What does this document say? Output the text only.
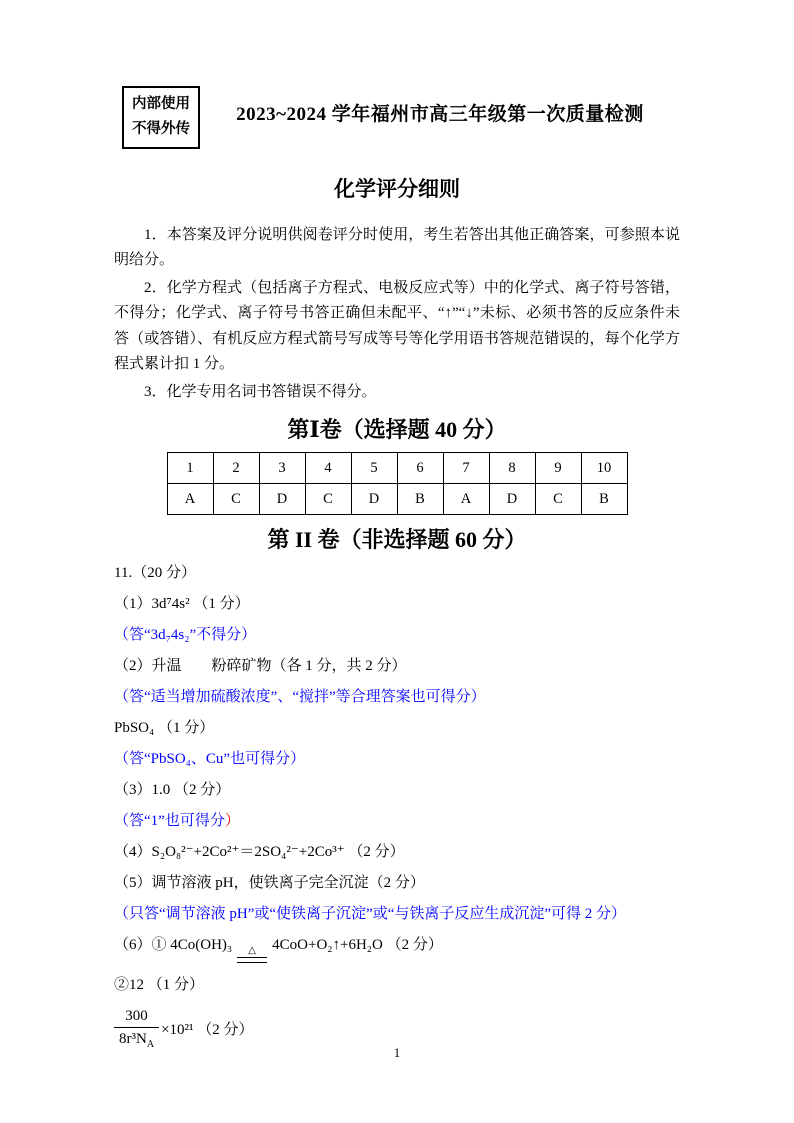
内部使用
不得外传
2023~2024 学年福州市高三年级第一次质量检测
化学评分细则

1．本答案及评分说明供阅卷评分时使用，考生若答出其他正确答案，可参照本说明给分。

2．化学方程式（包括离子方程式、电极反应式等）中的化学式、离子符号答错，不得分；化学式、离子符号书答正确但未配平、“↑”“↓”未标、必须书答的反应条件未答（或答错）、有机反应方程式箭号写成等号等化学用语书答规范错误的，每个化学方程式累计扣 1 分。

3．化学专用名词书答错误不得分。

第Ⅰ卷（选择题 40 分）
1	2	3	4	5	6	7	8	9	10
A	C	D	C	D	B	A	D	C	B
第 II 卷（非选择题 60 分）

11.（20 分）

（1）3d⁷4s² （1 分）

（答“3d₇4s₂”不得分）

（2）升温　　粉碎矿物（各 1 分，共 2 分）

（答“适当增加硫酸浓度”、“搅拌”等合理答案也可得分）

PbSO₄ （1 分）

（答“PbSO₄、Cu”也可得分）

（3）1.0 （2 分）

（答“1”也可得分）

（4）S₂O₈²⁻+2Co²⁺＝2SO₄²⁻+2Co³⁺ （2 分）

（5）调节溶液 pH，使铁离子完全沉淀（2 分）

（只答“调节溶液 pH”或“使铁离子沉淀”或“与铁离子反应生成沉淀”可得 2 分）

（6）① 4Co(OH)₃ △ 4CoO+O₂↑+6H₂O （2 分）

②12 （1 分）

$\frac{300}{8r^3N_A} \times 10^{21}$ （2 分）

1
